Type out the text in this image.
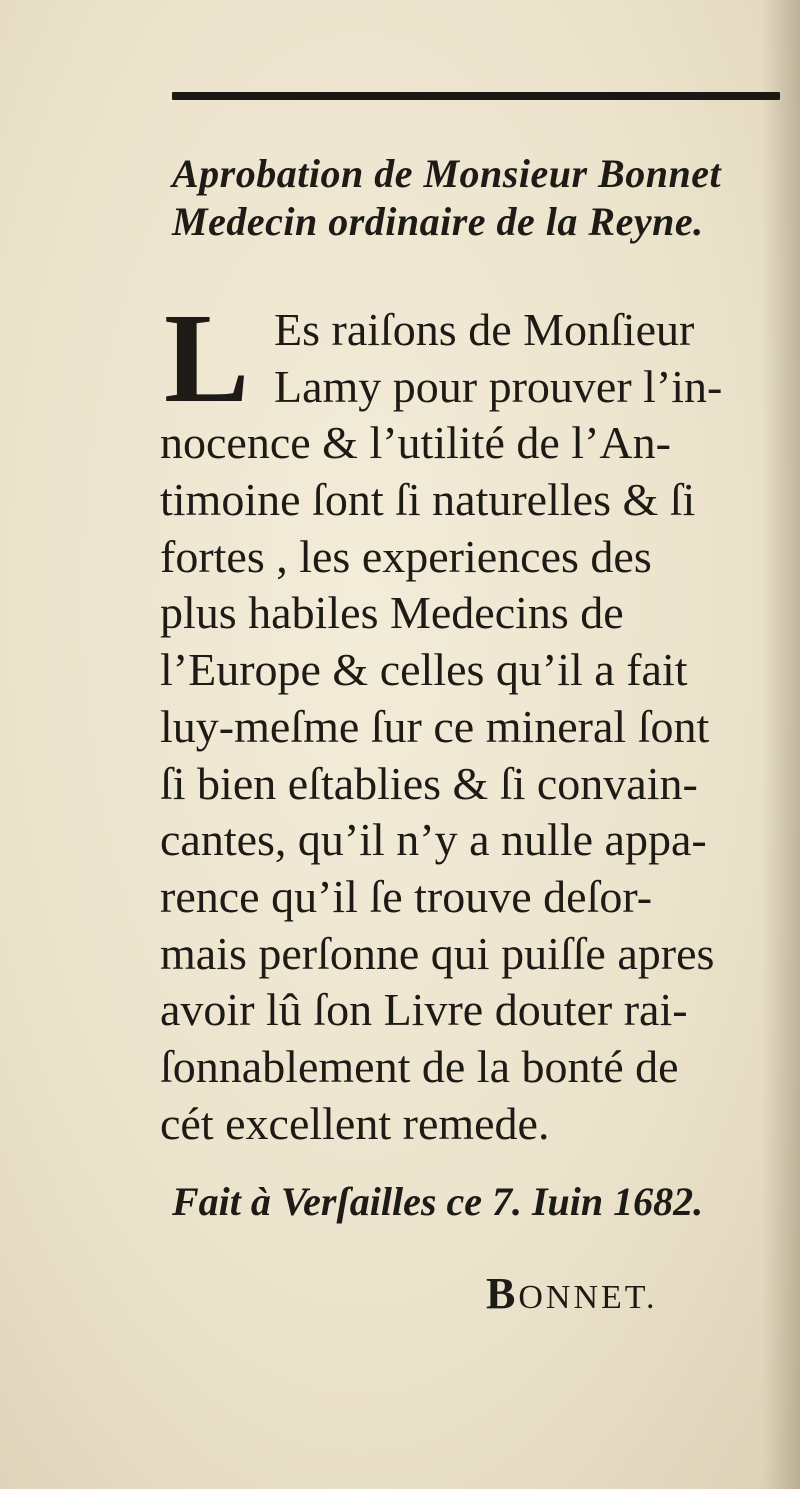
Aprobation de Monsieur Bonnet
Medecin ordinaire de la Reyne.
L Es raiſons de Monſieur
Lamy pour prouver l’in-
nocence & l’utilité de l’An-
timoine ſont ſi naturelles & ſi
fortes , les experiences des
plus habiles Medecins de
l’Europe & celles qu’il a fait
luy-meſme ſur ce mineral ſont
ſi bien eſtablies & ſi convain-
cantes, qu’il n’y a nulle appa-
rence qu’il ſe trouve deſor-
mais perſonne qui puiſſe apres
avoir lû ſon Livre douter rai-
ſonnablement de la bonté de
cét excellent remede.
Fait à Verſailles ce 7. Iuin 1682.
BONNET.
